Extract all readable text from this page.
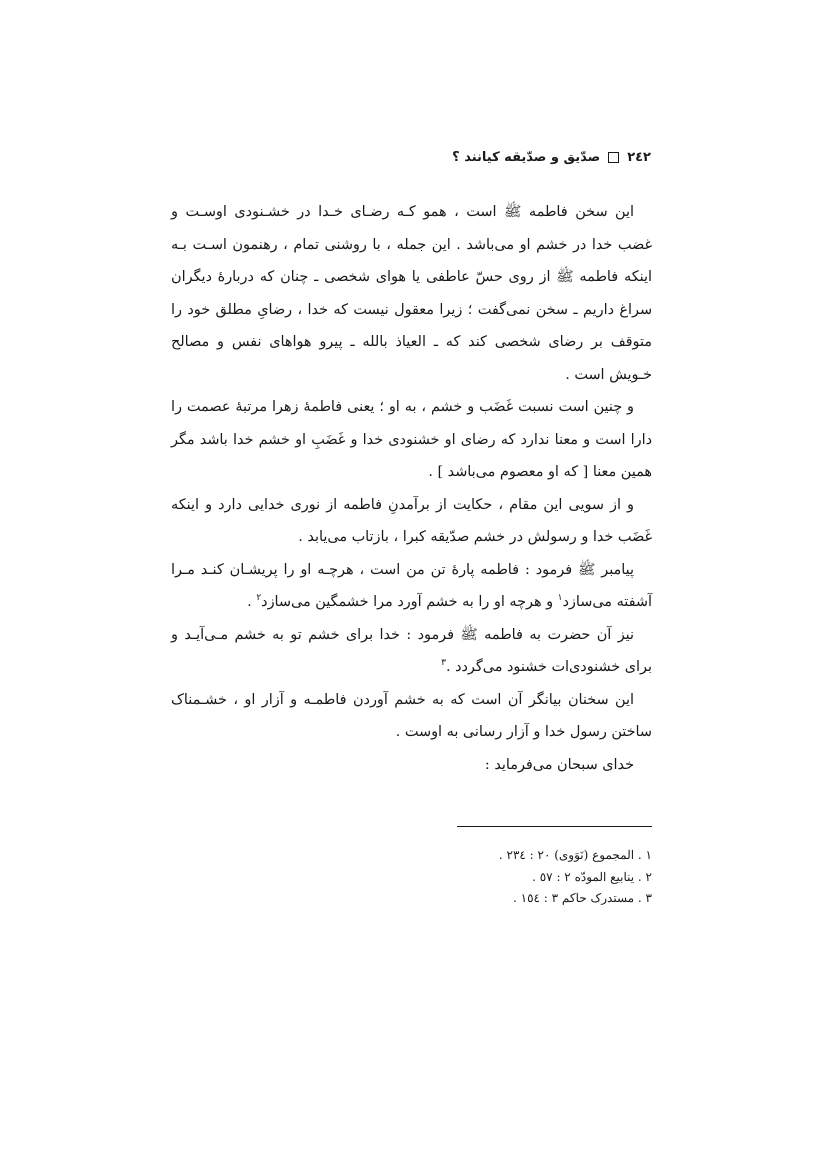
٢٤٢
صدّیق و صدّیقه کیانند ؟

این سخن فاطمه ﷺ است ، همو کـه رضـای خـدا در خشـنودی اوسـت و غضب خدا در خشم او می‌باشد . این جمله ، با روشنی تمام ، رهنمون اسـت بـه اینکه فاطمه ﷺ از روی حسّ عاطفی یا هوای شخصی ـ چنان که دربارهٔ دیگران سراغ داریم ـ سخن نمی‌گفت ؛ زیرا معقول نیست که خدا ، رضایِ مطلق خود را متوقف بر رضای شخصی کند که ـ العیاذ بالله ـ پیرو هواهای نفس و مصالح خـویش است .

و چنین است نسبت غَضَب و خشم ، به او ؛ یعنی فاطمهٔ زهرا مرتبهٔ عصمت را دارا است و معنا ندارد که رضای او خشنودی خدا و غَضَبِ او خشم خدا باشد مگر همین معنا [ که او معصوم می‌باشد ] .

و از سویی این مقام ، حکایت از برآمدنِ فاطمه از نوری خدایی دارد و اینکه غَضَب خدا و رسولش در خشم صدّیقه کبرا ، بازتاب می‌یابد .

پیامبر ﷺ فرمود : فاطمه پارهٔ تن من است ، هرچـه او را پریشـان کنـد مـرا آشفته می‌سازد$^١$ و هرچه او را به خشم آورد مرا خشمگین می‌سازد$^٢$ .

نیز آن حضرت به فاطمه ﷺ فرمود : خدا برای خشم تو به خشم مـی‌آیـد و برای خشنودی‌ات خشنود می‌گردد .$^٣$

این سخنان بیانگر آن است که به خشم آوردن فاطمـه و آزار او ، خشـمناک ساختن رسول خدا و آزار رسانی به اوست .

خدای سبحان می‌فرماید :

١ . المجموع (نَوَوی) ٢٠ : ٢٣٤ .
٢ . ینابیع المودّه ٢ : ٥٧ .
٣ . مستدرک حاکم ٣ : ١٥٤ .
